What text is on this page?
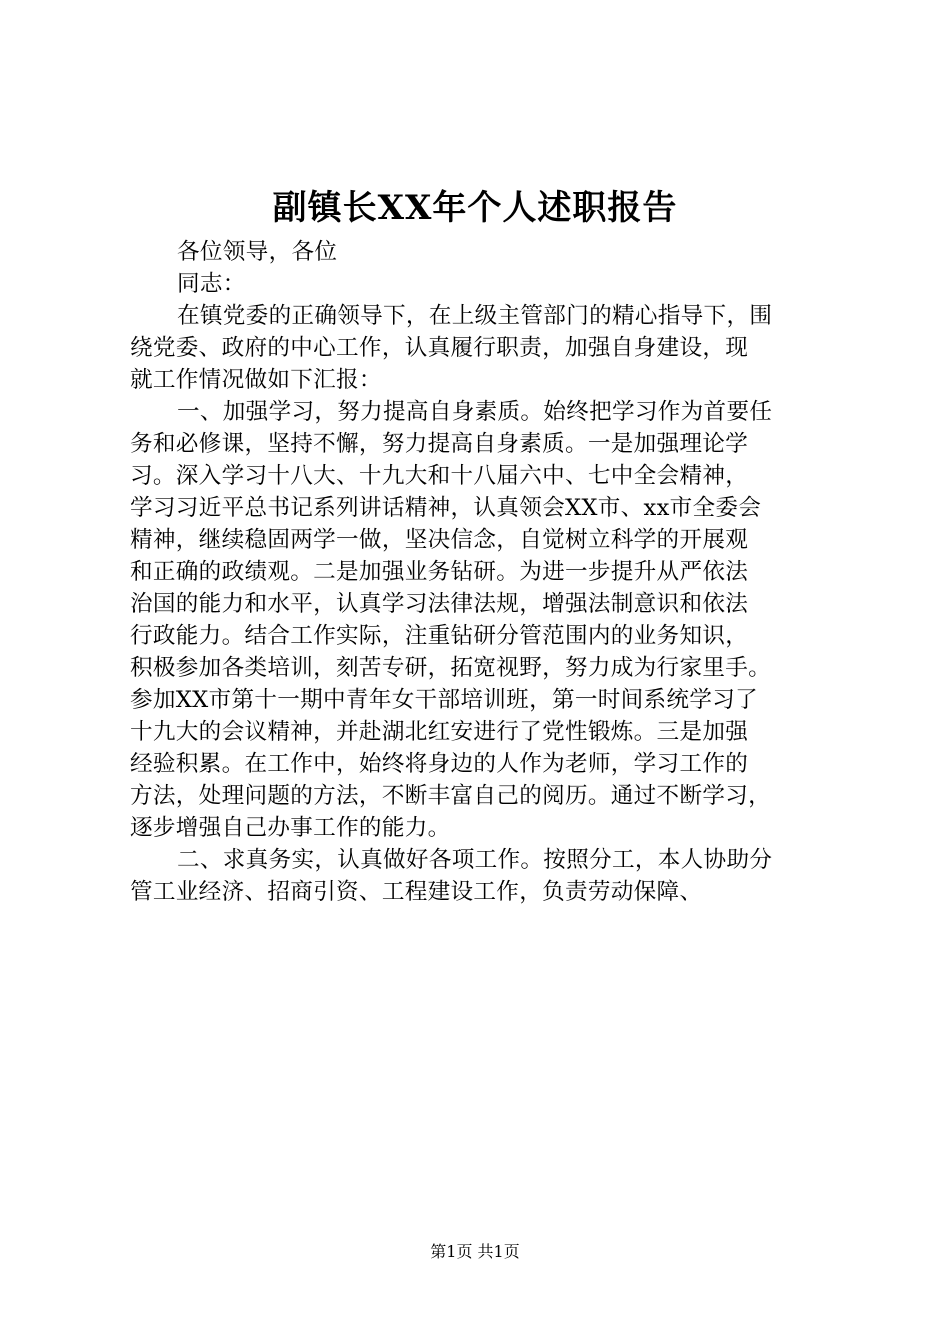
副镇长XX年个人述职报告
各位领导，各位
同志：
在镇党委的正确领导下，在上级主管部门的精心指导下，围
绕党委、政府的中心工作，认真履行职责，加强自身建设，现
就工作情况做如下汇报：
一、加强学习，努力提高自身素质。始终把学习作为首要任
务和必修课，坚持不懈，努力提高自身素质。一是加强理论学
习。深入学习十八大、十九大和十八届六中、七中全会精神，
学习习近平总书记系列讲话精神，认真领会XX市、xx市全委会
精神，继续稳固两学一做，坚决信念，自觉树立科学的开展观
和正确的政绩观。二是加强业务钻研。为进一步提升从严依法
治国的能力和水平，认真学习法律法规，增强法制意识和依法
行政能力。结合工作实际，注重钻研分管范围内的业务知识，
积极参加各类培训，刻苦专研，拓宽视野，努力成为行家里手。
参加XX市第十一期中青年女干部培训班，第一时间系统学习了
十九大的会议精神，并赴湖北红安进行了党性锻炼。三是加强
经验积累。在工作中，始终将身边的人作为老师，学习工作的
方法，处理问题的方法，不断丰富自己的阅历。通过不断学习，
逐步增强自己办事工作的能力。
二、求真务实，认真做好各项工作。按照分工，本人协助分
管工业经济、招商引资、工程建设工作，负责劳动保障、
第1页 共1页
